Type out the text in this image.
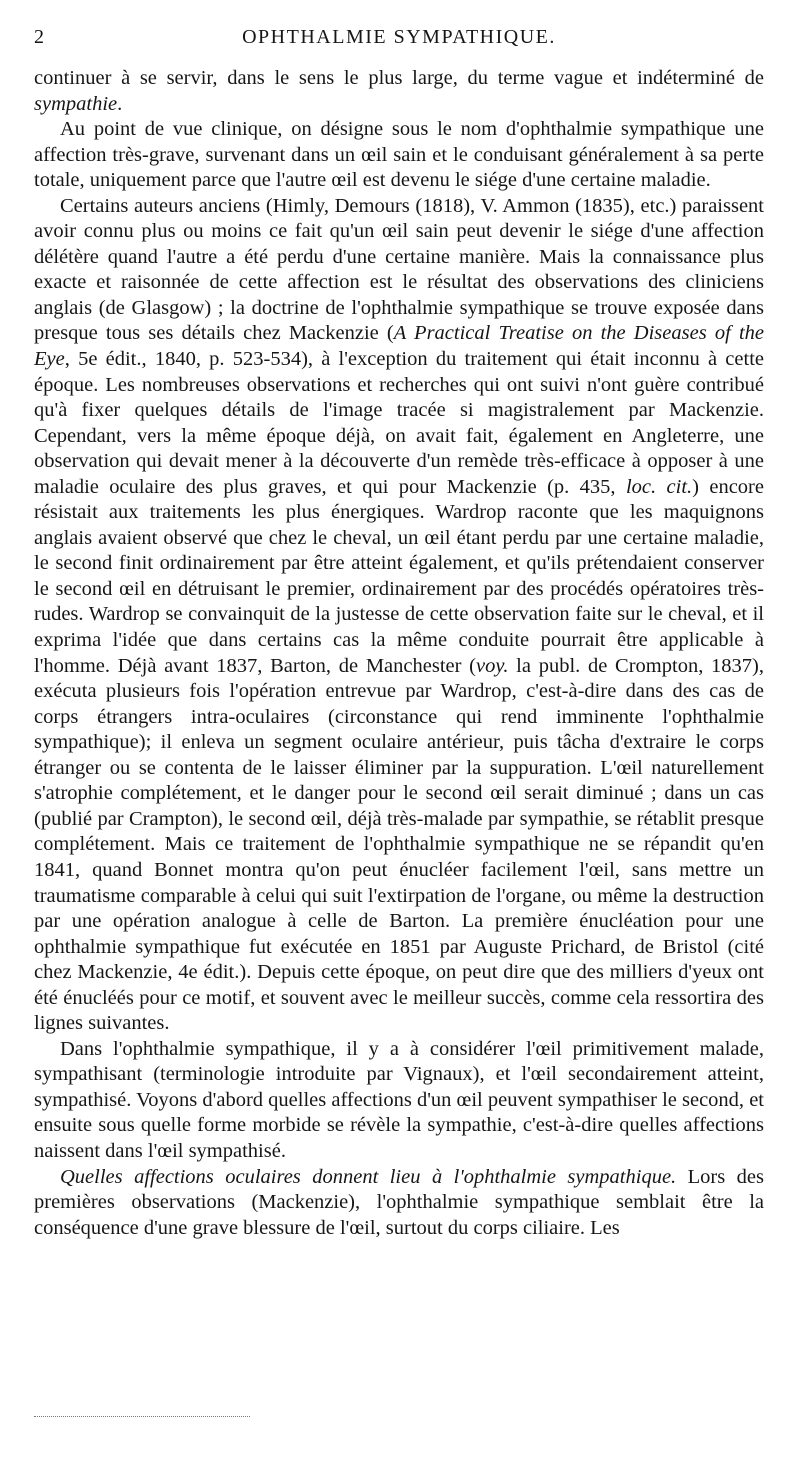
2	OPHTHALMIE SYMPATHIQUE.

continuer à se servir, dans le sens le plus large, du terme vague et indéterminé de sympathie.

Au point de vue clinique, on désigne sous le nom d'ophthalmie sympathique une affection très-grave, survenant dans un œil sain et le conduisant généralement à sa perte totale, uniquement parce que l'autre œil est devenu le siége d'une certaine maladie.

Certains auteurs anciens (Himly, Demours (1818), V. Ammon (1835), etc.) paraissent avoir connu plus ou moins ce fait qu'un œil sain peut devenir le siége d'une affection délétère quand l'autre a été perdu d'une certaine manière. Mais la connaissance plus exacte et raisonnée de cette affection est le résultat des observations des cliniciens anglais (de Glasgow) ; la doctrine de l'ophthalmie sympathique se trouve exposée dans presque tous ses détails chez Mackenzie (A Practical Treatise on the Diseases of the Eye, 5e édit., 1840, p. 523-534), à l'exception du traitement qui était inconnu à cette époque. Les nombreuses observations et recherches qui ont suivi n'ont guère contribué qu'à fixer quelques détails de l'image tracée si magistralement par Mackenzie. Cependant, vers la même époque déjà, on avait fait, également en Angleterre, une observation qui devait mener à la découverte d'un remède très-efficace à opposer à une maladie oculaire des plus graves, et qui pour Mackenzie (p. 435, loc. cit.) encore résistait aux traitements les plus énergiques. Wardrop raconte que les maquignons anglais avaient observé que chez le cheval, un œil étant perdu par une certaine maladie, le second finit ordinairement par être atteint également, et qu'ils prétendaient conserver le second œil en détruisant le premier, ordinairement par des procédés opératoires très-rudes. Wardrop se convainquit de la justesse de cette observation faite sur le cheval, et il exprima l'idée que dans certains cas la même conduite pourrait être applicable à l'homme. Déjà avant 1837, Barton, de Manchester (voy. la publ. de Crompton, 1837), exécuta plusieurs fois l'opération entrevue par Wardrop, c'est-à-dire dans des cas de corps étrangers intra-oculaires (circonstance qui rend imminente l'ophthalmie sympathique); il enleva un segment oculaire antérieur, puis tâcha d'extraire le corps étranger ou se contenta de le laisser éliminer par la suppuration. L'œil naturellement s'atrophie complétement, et le danger pour le second œil serait diminué ; dans un cas (publié par Crampton), le second œil, déjà très-malade par sympathie, se rétablit presque complétement. Mais ce traitement de l'ophthalmie sympathique ne se répandit qu'en 1841, quand Bonnet montra qu'on peut énucléer facilement l'œil, sans mettre un traumatisme comparable à celui qui suit l'extirpation de l'organe, ou même la destruction par une opération analogue à celle de Barton. La première énucléation pour une ophthalmie sympathique fut exécutée en 1851 par Auguste Prichard, de Bristol (cité chez Mackenzie, 4e édit.). Depuis cette époque, on peut dire que des milliers d'yeux ont été énucléés pour ce motif, et souvent avec le meilleur succès, comme cela ressortira des lignes suivantes.

Dans l'ophthalmie sympathique, il y a à considérer l'œil primitivement malade, sympathisant (terminologie introduite par Vignaux), et l'œil secondairement atteint, sympathisé. Voyons d'abord quelles affections d'un œil peuvent sympathiser le second, et ensuite sous quelle forme morbide se révèle la sympathie, c'est-à-dire quelles affections naissent dans l'œil sympathisé.

Quelles affections oculaires donnent lieu à l'ophthalmie sympathique. Lors des premières observations (Mackenzie), l'ophthalmie sympathique semblait être la conséquence d'une grave blessure de l'œil, surtout du corps ciliaire. Les
